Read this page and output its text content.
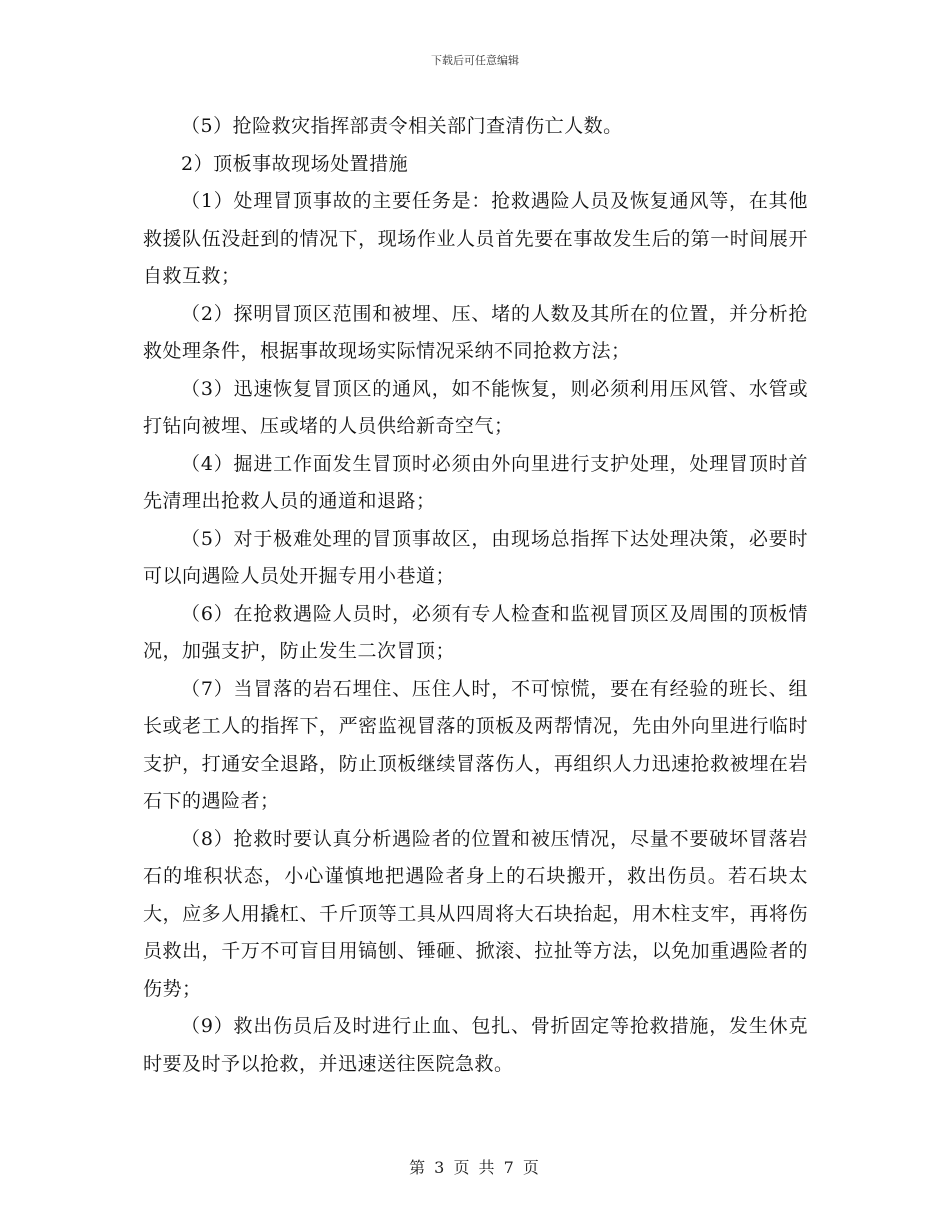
下载后可任意编辑

（5）抢险救灾指挥部责令相关部门查清伤亡人数。

2）顶板事故现场处置措施

（1）处理冒顶事故的主要任务是：抢救遇险人员及恢复通风等，在其他救援队伍没赶到的情况下，现场作业人员首先要在事故发生后的第一时间展开自救互救；

（2）探明冒顶区范围和被埋、压、堵的人数及其所在的位置，并分析抢救处理条件，根据事故现场实际情况采纳不同抢救方法；

（3）迅速恢复冒顶区的通风，如不能恢复，则必须利用压风管、水管或打钻向被埋、压或堵的人员供给新奇空气；

（4）掘进工作面发生冒顶时必须由外向里进行支护处理，处理冒顶时首先清理出抢救人员的通道和退路；

（5）对于极难处理的冒顶事故区，由现场总指挥下达处理决策，必要时可以向遇险人员处开掘专用小巷道；

（6）在抢救遇险人员时，必须有专人检查和监视冒顶区及周围的顶板情况，加强支护，防止发生二次冒顶；

（7）当冒落的岩石埋住、压住人时，不可惊慌，要在有经验的班长、组长或老工人的指挥下，严密监视冒落的顶板及两帮情况，先由外向里进行临时支护，打通安全退路，防止顶板继续冒落伤人，再组织人力迅速抢救被埋在岩石下的遇险者；

（8）抢救时要认真分析遇险者的位置和被压情况，尽量不要破坏冒落岩石的堆积状态，小心谨慎地把遇险者身上的石块搬开，救出伤员。若石块太大，应多人用撬杠、千斤顶等工具从四周将大石块抬起，用木柱支牢，再将伤员救出，千万不可盲目用镐刨、锤砸、掀滚、拉扯等方法，以免加重遇险者的伤势；

（9）救出伤员后及时进行止血、包扎、骨折固定等抢救措施，发生休克时要及时予以抢救，并迅速送往医院急救。

第 3 页 共 7 页
